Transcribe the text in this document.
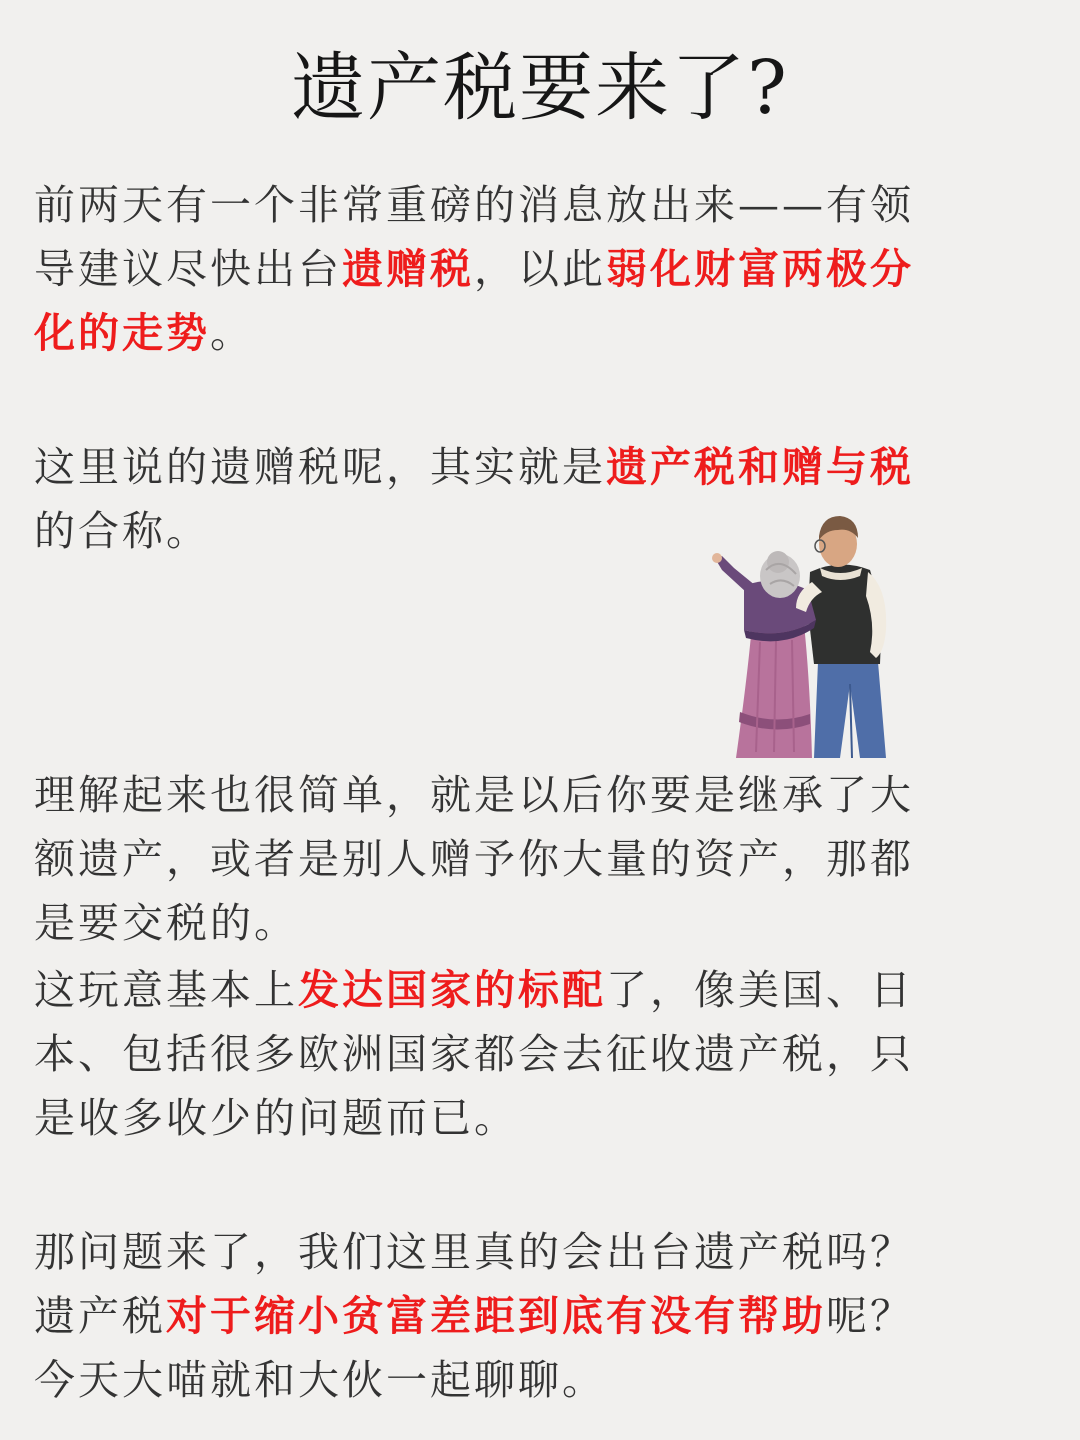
遗产税要来了?
前两天有一个非常重磅的消息放出来——有领导建议尽快出台遗赠税，以此弱化财富两极分化的走势。
这里说的遗赠税呢，其实就是遗产税和赠与税的合称。
理解起来也很简单，就是以后你要是继承了大额遗产，或者是别人赠予你大量的资产，那都是要交税的。
这玩意基本上发达国家的标配了，像美国、日本、包括很多欧洲国家都会去征收遗产税，只是收多收少的问题而已。
那问题来了，我们这里真的会出台遗产税吗？遗产税对于缩小贫富差距到底有没有帮助呢？今天大喵就和大伙一起聊聊。
